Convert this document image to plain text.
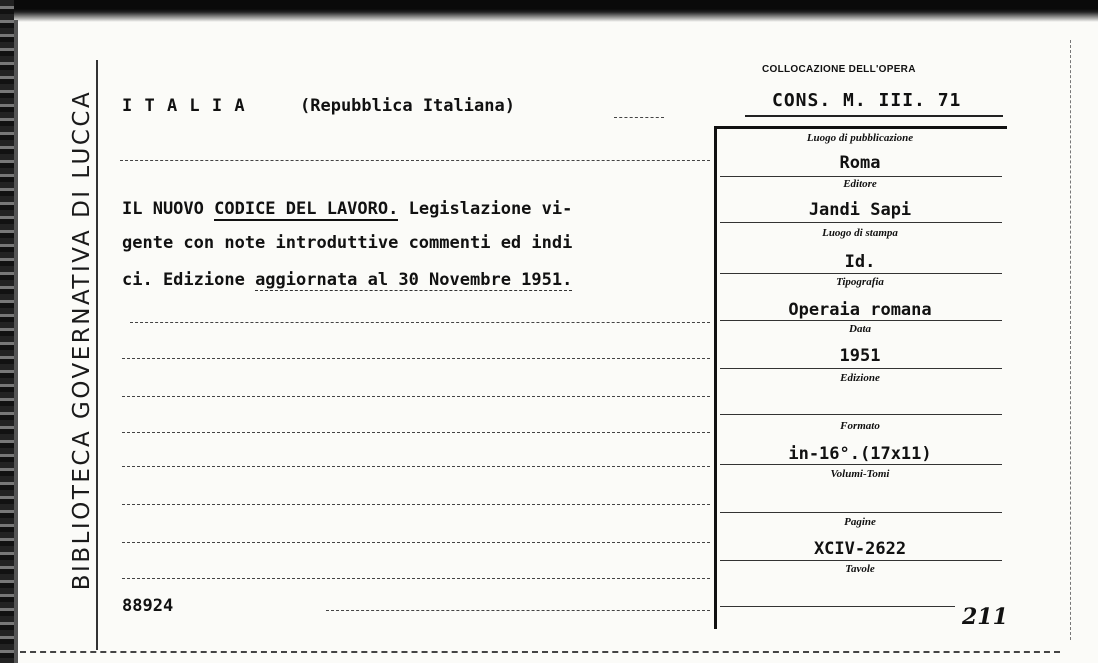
BIBLIOTECA GOVERNATIVA DI LUCCA I T A L I A	(Repubblica Italiana)
IL NUOVO CODICE DEL LAVORO. Legislazione vi-
gente con note introduttive commenti ed indi
ci. Edizione aggiornata al 30 Novembre 1951.
88924
COLLOCAZIONE DELL'OPERA
CONS. M. III. 71
Luogo di pubblicazione
Roma
Editore
Jandi Sapi
Luogo di stampa
Id.
Tipografia
Operaia romana
Data
1951
Edizione
Formato
in-16°.(17x11)
Volumi-Tomi
Pagine
XCIV-2622
Tavole
211
